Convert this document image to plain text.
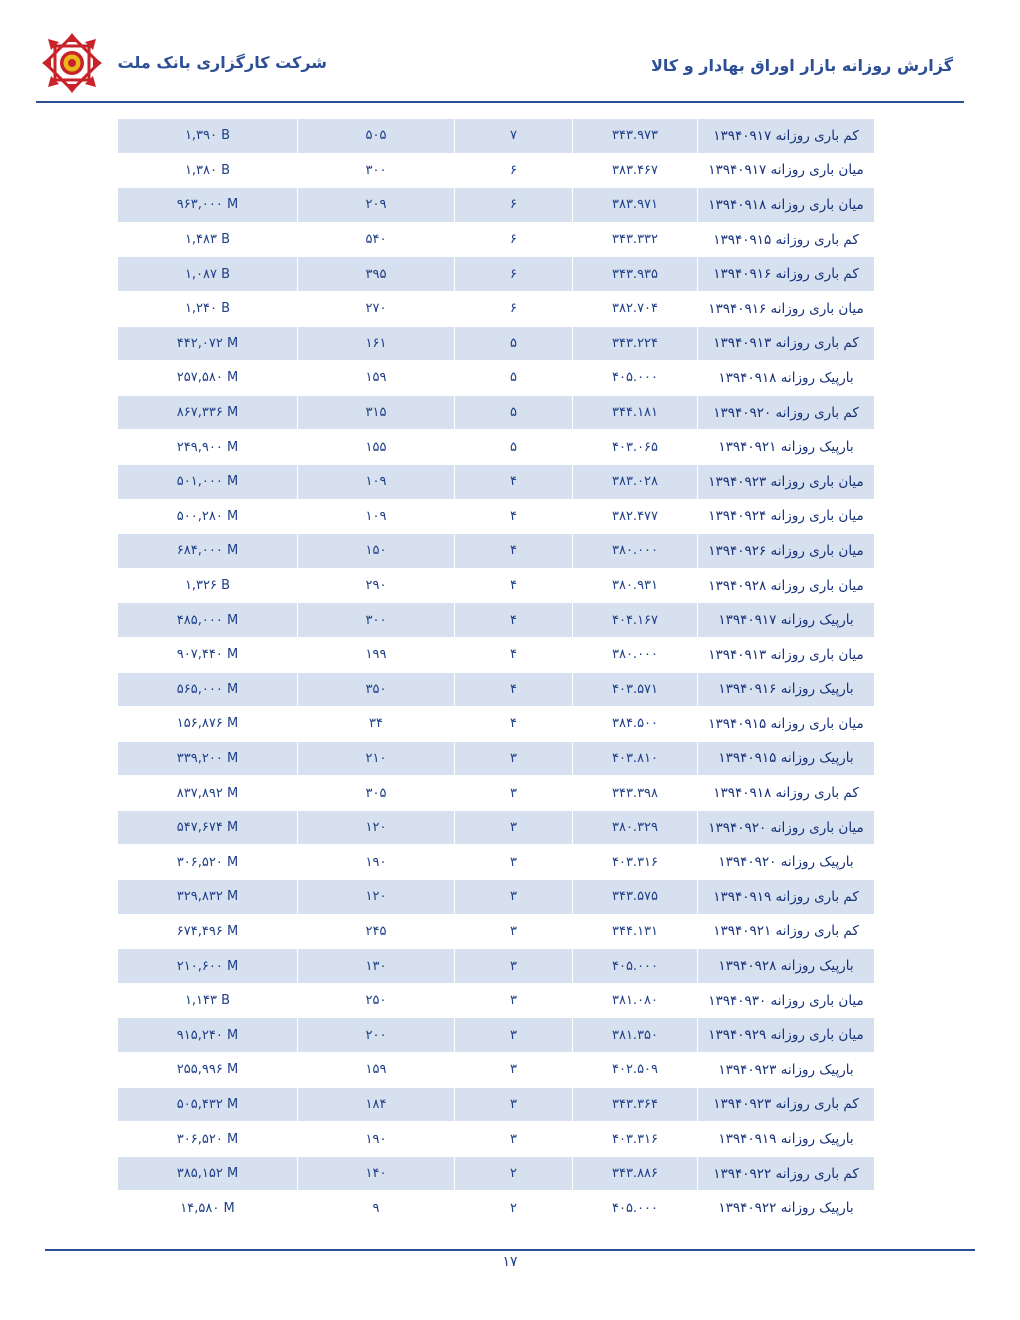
شرکت کارگزاری بانک ملت	گزارش روزانه بازار اوراق بهادار و کالا
۱,۳۹۰ B	۵۰۵	۷	۳۴۳.۹۷۳	کم باری روزانه ۱۳۹۴۰۹۱۷
۱,۳۸۰ B	۳۰۰	۶	۳۸۳.۴۶۷	میان باری روزانه ۱۳۹۴۰۹۱۷
۹۶۳,۰۰۰ M	۲۰۹	۶	۳۸۳.۹۷۱	میان باری روزانه ۱۳۹۴۰۹۱۸
۱,۴۸۳ B	۵۴۰	۶	۳۴۳.۳۳۲	کم باری روزانه ۱۳۹۴۰۹۱۵
۱,۰۸۷ B	۳۹۵	۶	۳۴۳.۹۳۵	کم باری روزانه ۱۳۹۴۰۹۱۶
۱,۲۴۰ B	۲۷۰	۶	۳۸۲.۷۰۴	میان باری روزانه ۱۳۹۴۰۹۱۶
۴۴۲,۰۷۲ M	۱۶۱	۵	۳۴۳.۲۲۴	کم باری روزانه ۱۳۹۴۰۹۱۳
۲۵۷,۵۸۰ M	۱۵۹	۵	۴۰۵.۰۰۰	بارپیک روزانه ۱۳۹۴۰۹۱۸
۸۶۷,۳۳۶ M	۳۱۵	۵	۳۴۴.۱۸۱	کم باری روزانه ۱۳۹۴۰۹۲۰
۲۴۹,۹۰۰ M	۱۵۵	۵	۴۰۳.۰۶۵	بارپیک روزانه ۱۳۹۴۰۹۲۱
۵۰۱,۰۰۰ M	۱۰۹	۴	۳۸۳.۰۲۸	میان باری روزانه ۱۳۹۴۰۹۲۳
۵۰۰,۲۸۰ M	۱۰۹	۴	۳۸۲.۴۷۷	میان باری روزانه ۱۳۹۴۰۹۲۴
۶۸۴,۰۰۰ M	۱۵۰	۴	۳۸۰.۰۰۰	میان باری روزانه ۱۳۹۴۰۹۲۶
۱,۳۲۶ B	۲۹۰	۴	۳۸۰.۹۳۱	میان باری روزانه ۱۳۹۴۰۹۲۸
۴۸۵,۰۰۰ M	۳۰۰	۴	۴۰۴.۱۶۷	بارپیک روزانه ۱۳۹۴۰۹۱۷
۹۰۷,۴۴۰ M	۱۹۹	۴	۳۸۰.۰۰۰	میان باری روزانه ۱۳۹۴۰۹۱۳
۵۶۵,۰۰۰ M	۳۵۰	۴	۴۰۳.۵۷۱	بارپیک روزانه ۱۳۹۴۰۹۱۶
۱۵۶,۸۷۶ M	۳۴	۴	۳۸۴.۵۰۰	میان باری روزانه ۱۳۹۴۰۹۱۵
۳۳۹,۲۰۰ M	۲۱۰	۳	۴۰۳.۸۱۰	بارپیک روزانه ۱۳۹۴۰۹۱۵
۸۳۷,۸۹۲ M	۳۰۵	۳	۳۴۳.۳۹۸	کم باری روزانه ۱۳۹۴۰۹۱۸
۵۴۷,۶۷۴ M	۱۲۰	۳	۳۸۰.۳۲۹	میان باری روزانه ۱۳۹۴۰۹۲۰
۳۰۶,۵۲۰ M	۱۹۰	۳	۴۰۳.۳۱۶	بارپیک روزانه ۱۳۹۴۰۹۲۰
۳۲۹,۸۳۲ M	۱۲۰	۳	۳۴۳.۵۷۵	کم باری روزانه ۱۳۹۴۰۹۱۹
۶۷۴,۴۹۶ M	۲۴۵	۳	۳۴۴.۱۳۱	کم باری روزانه ۱۳۹۴۰۹۲۱
۲۱۰,۶۰۰ M	۱۳۰	۳	۴۰۵.۰۰۰	بارپیک روزانه ۱۳۹۴۰۹۲۸
۱,۱۴۳ B	۲۵۰	۳	۳۸۱.۰۸۰	میان باری روزانه ۱۳۹۴۰۹۳۰
۹۱۵,۲۴۰ M	۲۰۰	۳	۳۸۱.۳۵۰	میان باری روزانه ۱۳۹۴۰۹۲۹
۲۵۵,۹۹۶ M	۱۵۹	۳	۴۰۲.۵۰۹	بارپیک روزانه ۱۳۹۴۰۹۲۳
۵۰۵,۴۳۲ M	۱۸۴	۳	۳۴۳.۳۶۴	کم باری روزانه ۱۳۹۴۰۹۲۳
۳۰۶,۵۲۰ M	۱۹۰	۳	۴۰۳.۳۱۶	بارپیک روزانه ۱۳۹۴۰۹۱۹
۳۸۵,۱۵۲ M	۱۴۰	۲	۳۴۳.۸۸۶	کم باری روزانه ۱۳۹۴۰۹۲۲
۱۴,۵۸۰ M	۹	۲	۴۰۵.۰۰۰	بارپیک روزانه ۱۳۹۴۰۹۲۲
۱۷
